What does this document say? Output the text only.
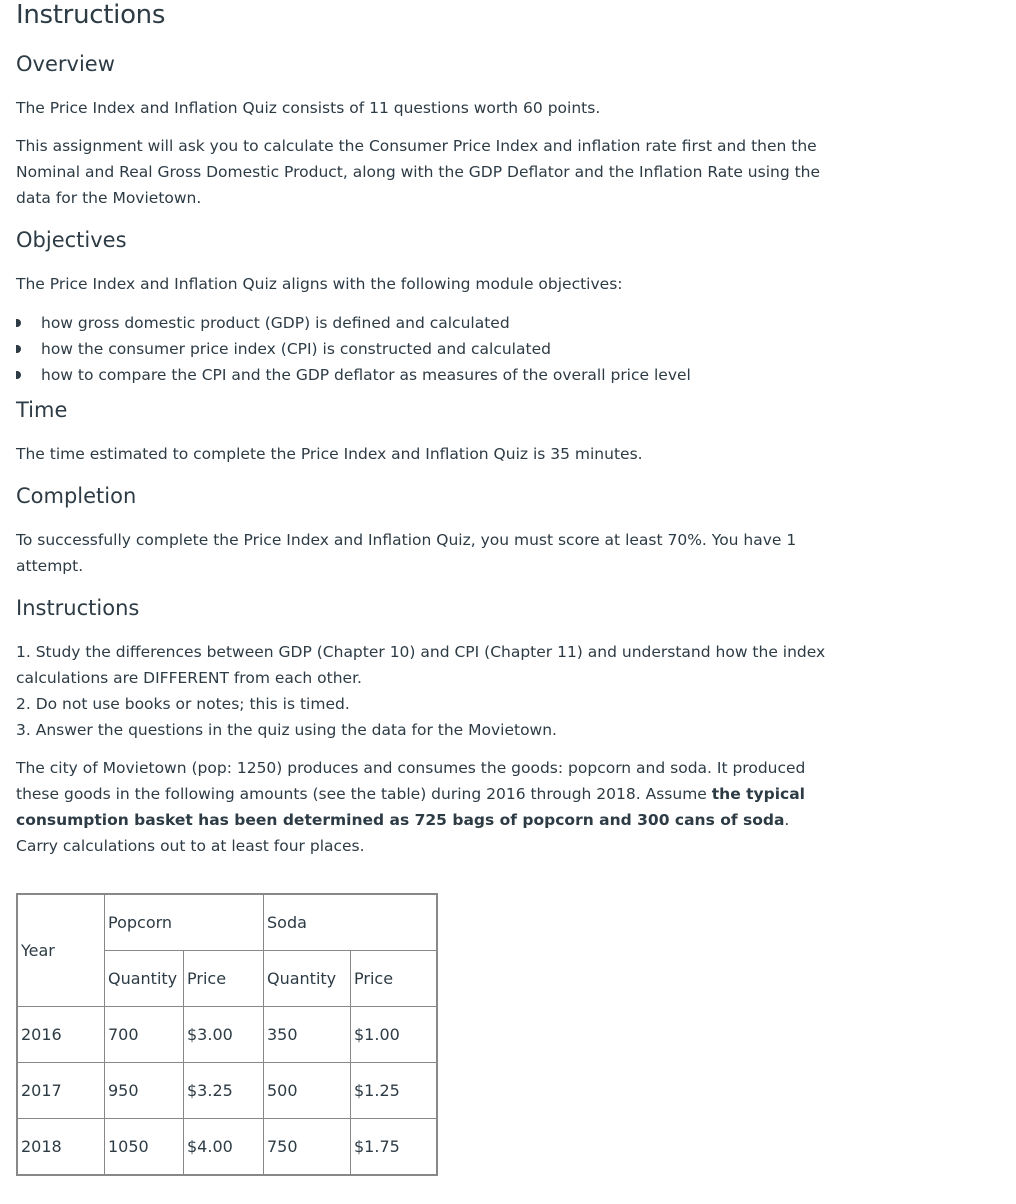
Instructions
Overview

The Price Index and Inflation Quiz consists of 11 questions worth 60 points.

This assignment will ask you to calculate the Consumer Price Index and inflation rate first and then the Nominal and Real Gross Domestic Product, along with the GDP Deflator and the Inflation Rate using the data for the Movietown.

Objectives

The Price Index and Inflation Quiz aligns with the following module objectives:

how gross domestic product (GDP) is defined and calculated
how the consumer price index (CPI) is constructed and calculated
how to compare the CPI and the GDP deflator as measures of the overall price level
Time

The time estimated to complete the Price Index and Inflation Quiz is 35 minutes.

Completion

To successfully complete the Price Index and Inflation Quiz, you must score at least 70%. You have 1 attempt.

Instructions
1. Study the differences between GDP (Chapter 10) and CPI (Chapter 11) and understand how the index calculations are DIFFERENT from each other.
2. Do not use books or notes; this is timed.
3. Answer the questions in the quiz using the data for the Movietown.

The city of Movietown (pop: 1250) produces and consumes the goods: popcorn and soda. It produced these goods in the following amounts (see the table) during 2016 through 2018. Assume the typical consumption basket has been determined as 725 bags of popcorn and 300 cans of soda. Carry calculations out to at least four places.

Year	Popcorn		Soda	
	Quantity	Price	Quantity	Price
2016	700	$3.00	350	$1.00
2017	950	$3.25	500	$1.25
2018	1050	$4.00	750	$1.75
